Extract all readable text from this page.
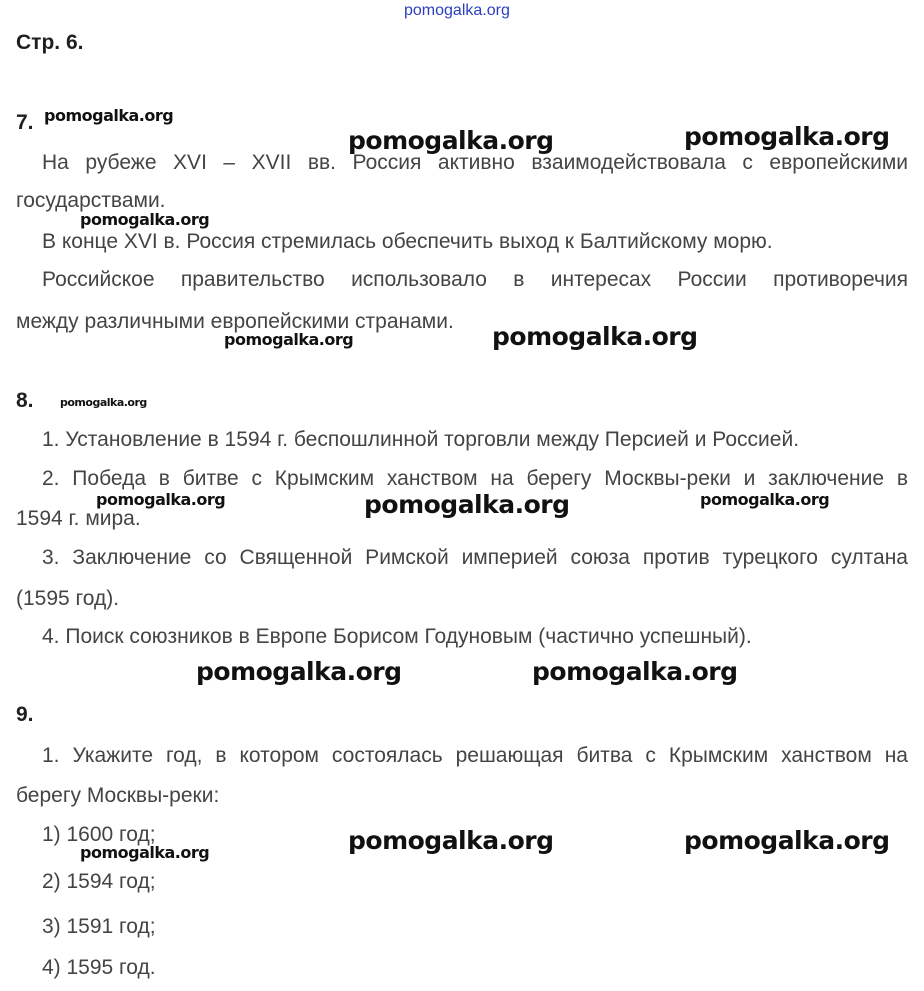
pomogalka.org
Стр. 6.
7. pomogalka.org
pomogalka.org	pomogalka.org
На рубеже XVI – XVII вв. Россия активно взаимодействовала с европейскими
государствами.
pomogalka.org
В конце XVI в. Россия стремилась обеспечить выход к Балтийскому морю.
Российское правительство использовало в интересах России противоречия
между различными европейскими странами.
pomogalka.org	pomogalka.org
8. pomogalka.org
1. Установление в 1594 г. беспошлинной торговли между Персией и Россией.
2. Победа в битве с Крымским ханством на берегу Москвы-реки и заключение в
pomogalka.org	pomogalka.org	pomogalka.org
1594 г. мира.
3. Заключение со Священной Римской империей союза против турецкого султана
(1595 год).
4. Поиск союзников в Европе Борисом Годуновым (частично успешный).
pomogalka.org	pomogalka.org
9.
1. Укажите год, в котором состоялась решающая битва с Крымским ханством на
берегу Москвы-реки:
1) 1600 год;
pomogalka.org	pomogalka.org	pomogalka.org
2) 1594 год;
3) 1591 год;
4) 1595 год.
